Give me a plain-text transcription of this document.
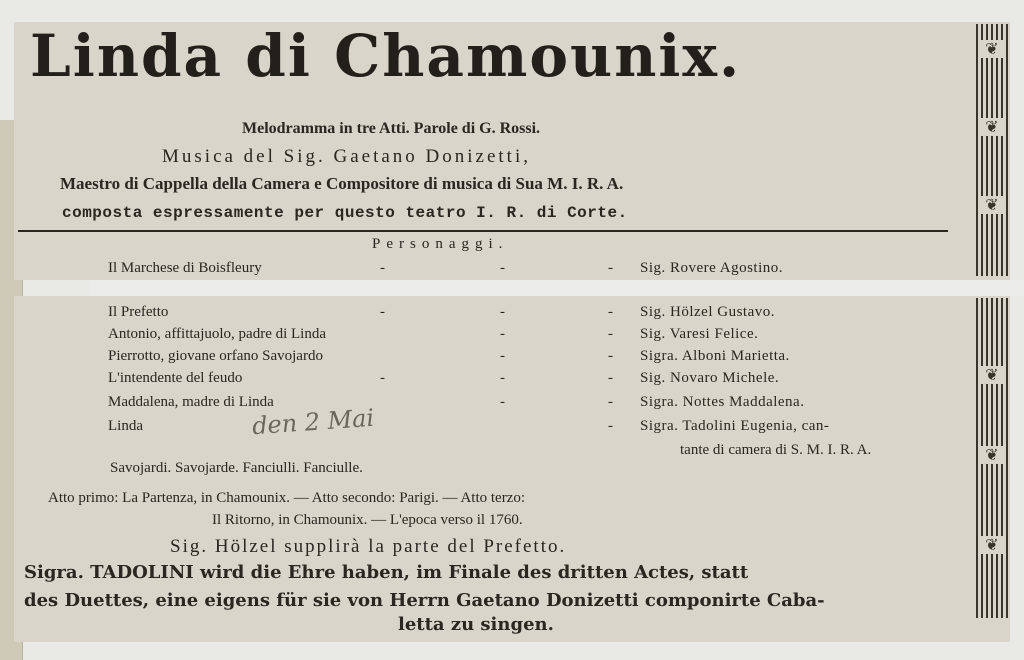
❦
❦
❦
❦
❦
❦
Linda di Chamounix.
Melodramma in tre Atti. Parole di G. Rossi.
Musica del Sig. Gaetano Donizetti,
Maestro di Cappella della Camera e Compositore di musica di Sua M. I. R. A.
composta espressamente per questo teatro I. R. di Corte.
Personaggi.
Il Marchese di Boisfleury	-	-	- Sig. Rovere Agostino.
Il Prefetto	-	-	- Sig. Hölzel Gustavo.
Antonio, affittajuolo, padre di Linda	-	- Sig. Varesi Felice.
Pierrotto, giovane orfano Savojardo	-	- Sigra. Alboni Marietta.
L'intendente del feudo	-	-	- Sig. Novaro Michele.
Maddalena, madre di Linda	-	- Sigra. Nottes Maddalena.
Linda	- Sigra. Tadolini Eugenia, can-
tante di camera di S. M. I. R. A.
den 2 Mai
Savojardi. Savojarde. Fanciulli. Fanciulle.
Atto primo: La Partenza, in Chamounix. — Atto secondo: Parigi. — Atto terzo:
Il Ritorno, in Chamounix. — L'epoca verso il 1760.
Sig. Hölzel supplirà la parte del Prefetto.
Sigra. TADOLINI wird die Ehre haben, im Finale des dritten Actes, statt
des Duettes, eine eigens für sie von Herrn Gaetano Donizetti componirte Caba-
letta zu singen.
